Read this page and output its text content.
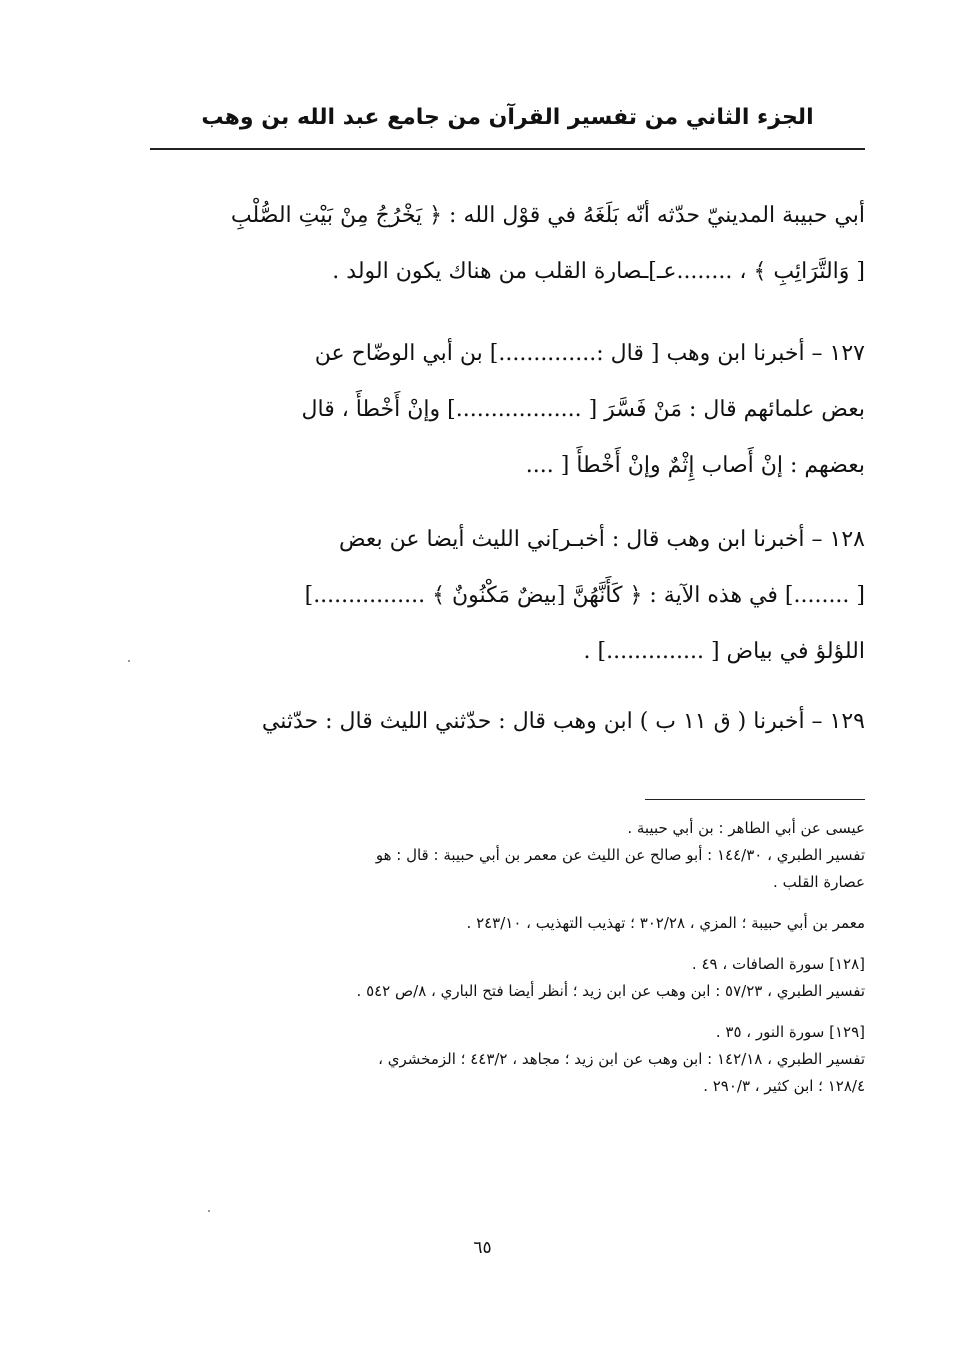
الجزء الثاني من تفسير القرآن من جامع عبد الله بن وهب
أبي حبيبة المدينيّ حدّثه أنّه بَلَغَهُ في قوْل الله : ﴿ يَخْرُجُ مِنْ بَيْتِ الصُّلْبِ
[ وَالتَّرَائِبِ ﴾ ، ........عـ]ـصارة القلب من هناك يكون الولد .
١٢٧ – أخبرنا ابن وهب [ قال :..............] بن أبي الوضّاح عن
بعض علمائهم قال : مَنْ فَسَّرَ [ ..................] وإنْ أَخْطأَ ، قال
بعضهم : إنْ أَصاب إِثْمٌ وإنْ أَخْطأَ [ ....
١٢٨ – أخبرنا ابن وهب قال : أخبـر]ني الليث أيضا عن بعض
[ ........] في هذه الآية : ﴿ كَأَنَّهُنَّ [بيضٌ مَكْنُونٌ ﴾ ................]
اللؤلؤ في بياض [ ..............] .
١٢٩ – أخبرنا ( ق ١١ ب ) ابن وهب قال : حدّثني الليث قال : حدّثني
عيسى عن أبي الطاهر : بن أبي حبيبة .
تفسير الطبري ، ١٤٤/٣٠ : أبو صالح عن الليث عن معمر بن أبي حبيبة : قال : هو
عصارة القلب .
معمر بن أبي حبيبة ؛ المزي ، ٣٠٢/٢٨ ؛ تهذيب التهذيب ، ٢٤٣/١٠ .
[١٢٨] سورة الصافات ، ٤٩ .
تفسير الطبري ، ٥٧/٢٣ : ابن وهب عن ابن زيد ؛ أنظر أيضا فتح الباري ، ٨/ص ٥٤٢ .
[١٢٩] سورة النور ، ٣٥ .
تفسير الطبري ، ١٤٢/١٨ : ابن وهب عن ابن زيد ؛ مجاهد ، ٤٤٣/٢ ؛ الزمخشري ،
١٢٨/٤ ؛ ابن كثير ، ٢٩٠/٣ .
٦٥
